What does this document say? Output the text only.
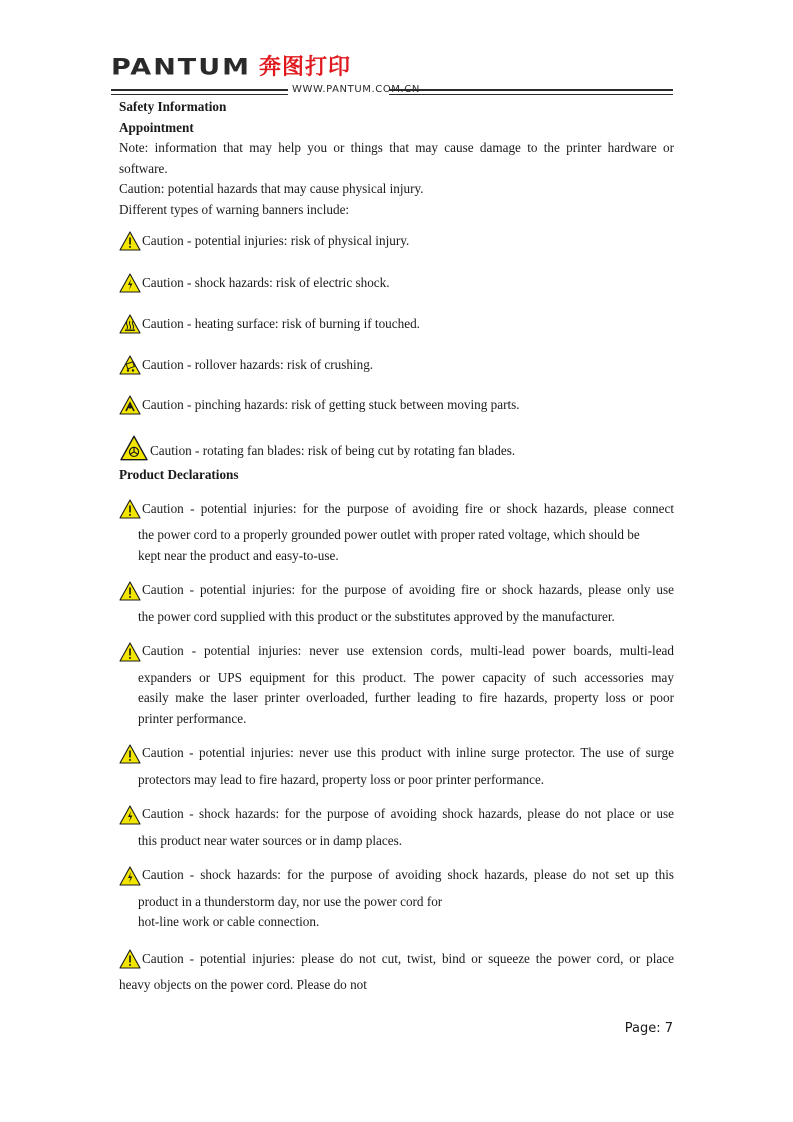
PANTUM 奔图打印
WWW.PANTUM.COM.CN
Safety Information
Appointment
Note: information that may help you or things that may cause damage to the printer hardware or software.
Caution: potential hazards that may cause physical injury.
Different types of warning banners include:
Caution - potential injuries: risk of physical injury.
Caution - shock hazards: risk of electric shock.
Caution - heating surface: risk of burning if touched.
Caution - rollover hazards: risk of crushing.
Caution - pinching hazards: risk of getting stuck between moving parts.
Caution - rotating fan blades: risk of being cut by rotating fan blades.
Product Declarations
Caution - potential injuries: for the purpose of avoiding fire or shock hazards, please connect
the power cord to a properly grounded power outlet with proper rated voltage, which should be
kept near the product and easy-to-use.
Caution - potential injuries: for the purpose of avoiding fire or shock hazards, please only use
the power cord supplied with this product or the substitutes approved by the manufacturer.
Caution - potential injuries: never use extension cords, multi-lead power boards, multi-lead
expanders or UPS equipment for this product. The power capacity of such accessories may
easily make the laser printer overloaded, further leading to fire hazards, property loss or poor
printer performance.
Caution - potential injuries: never use this product with inline surge protector. The use of surge
protectors may lead to fire hazard, property loss or poor printer performance.
Caution - shock hazards: for the purpose of avoiding shock hazards, please do not place or use
this product near water sources or in damp places.
Caution - shock hazards: for the purpose of avoiding shock hazards, please do not set up this
product in a thunderstorm day, nor use the power cord for
hot-line work or cable connection.
Caution - potential injuries: please do not cut, twist, bind or squeeze the power cord, or place
heavy objects on the power cord. Please do not
Page: 7
